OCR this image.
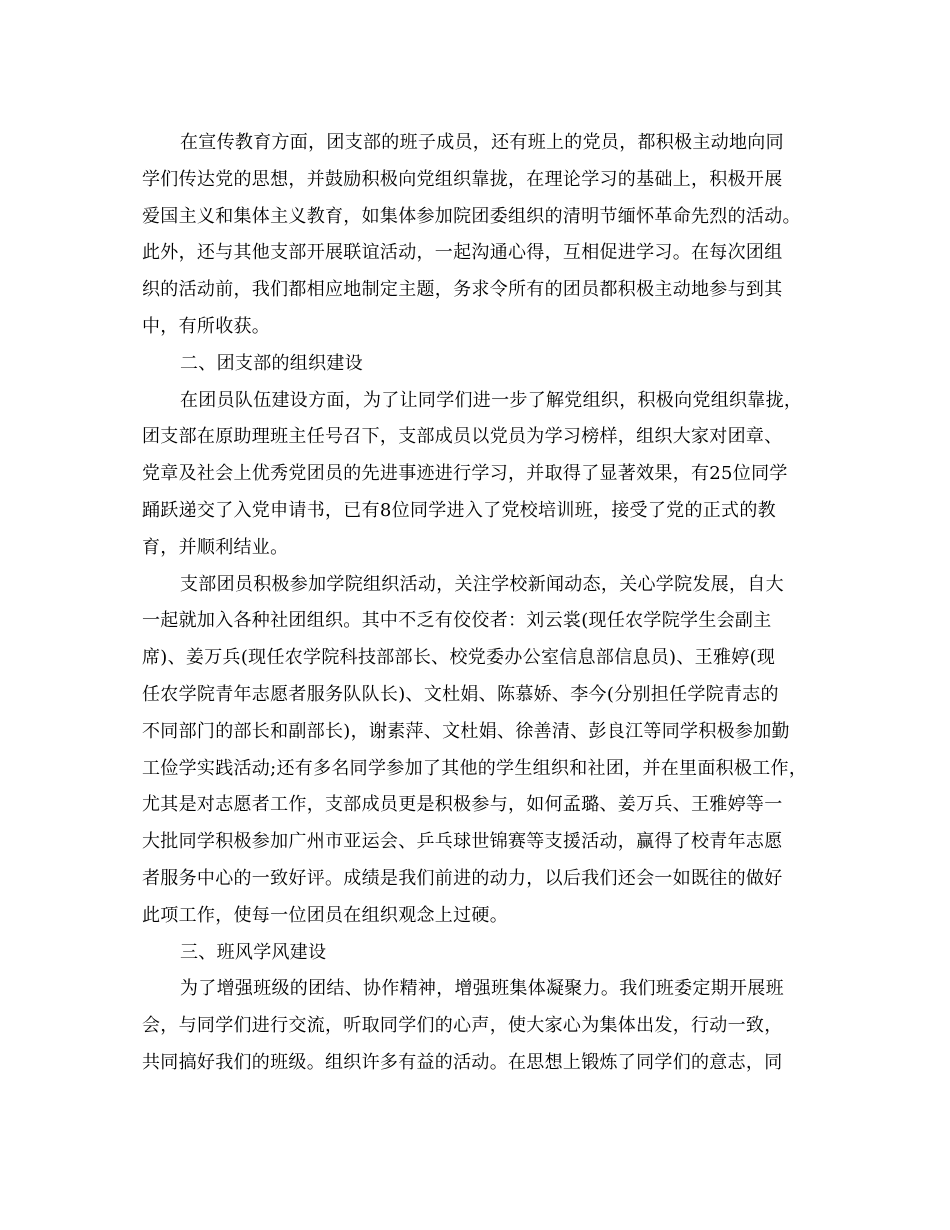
在宣传教育方面，团支部的班子成员，还有班上的党员，都积极主动地向同
学们传达党的思想，并鼓励积极向党组织靠拢，在理论学习的基础上，积极开展
爱国主义和集体主义教育，如集体参加院团委组织的清明节缅怀革命先烈的活动。
此外，还与其他支部开展联谊活动，一起沟通心得，互相促进学习。在每次团组
织的活动前，我们都相应地制定主题，务求令所有的团员都积极主动地参与到其
中，有所收获。
二、团支部的组织建设
在团员队伍建设方面，为了让同学们进一步了解党组织，积极向党组织靠拢，
团支部在原助理班主任号召下，支部成员以党员为学习榜样，组织大家对团章、
党章及社会上优秀党团员的先进事迹进行学习，并取得了显著效果，有25位同学
踊跃递交了入党申请书，已有8位同学进入了党校培训班，接受了党的正式的教
育，并顺利结业。
支部团员积极参加学院组织活动，关注学校新闻动态，关心学院发展，自大
一起就加入各种社团组织。其中不乏有佼佼者：刘云裳(现任农学院学生会副主
席)、姜万兵(现任农学院科技部部长、校党委办公室信息部信息员)、王雅婷(现
任农学院青年志愿者服务队队长)、文杜娟、陈慕娇、李今(分别担任学院青志的
不同部门的部长和副部长)，谢素萍、文杜娟、徐善清、彭良江等同学积极参加勤
工俭学实践活动;还有多名同学参加了其他的学生组织和社团，并在里面积极工作，
尤其是对志愿者工作，支部成员更是积极参与，如何孟璐、姜万兵、王雅婷等一
大批同学积极参加广州市亚运会、乒乓球世锦赛等支援活动，赢得了校青年志愿
者服务中心的一致好评。成绩是我们前进的动力，以后我们还会一如既往的做好
此项工作，使每一位团员在组织观念上过硬。
三、班风学风建设
为了增强班级的团结、协作精神，增强班集体凝聚力。我们班委定期开展班
会，与同学们进行交流，听取同学们的心声，使大家心为集体出发，行动一致，
共同搞好我们的班级。组织许多有益的活动。在思想上锻炼了同学们的意志，同
